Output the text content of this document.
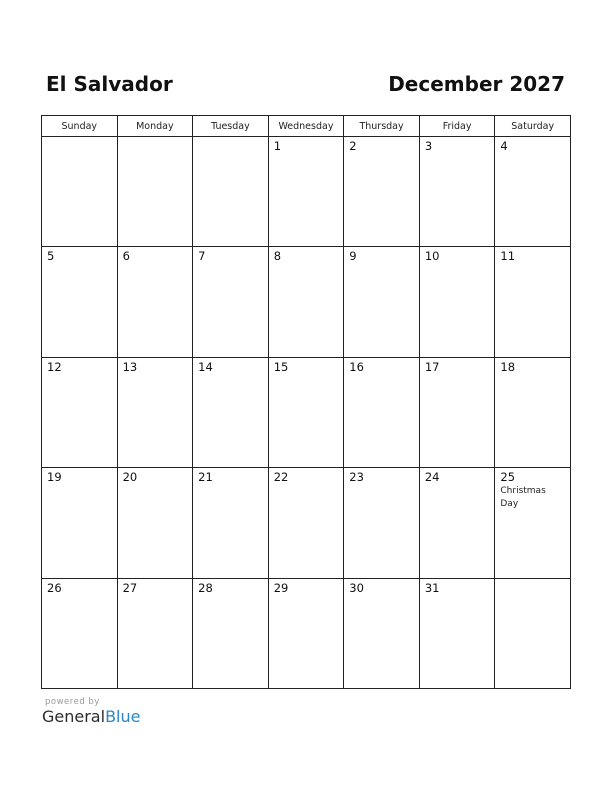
El Salvador	December 2027
Sunday	Monday	Tuesday	Wednesday	Thursday	Friday	Saturday

			1	2	3	4

5	6	7	8	9	10	11

12	13	14	15	16	17	18

19	20	21	22	23	24	25
Christmas Day

26	27	28	29	30	31	

powered by
GeneralBlue
